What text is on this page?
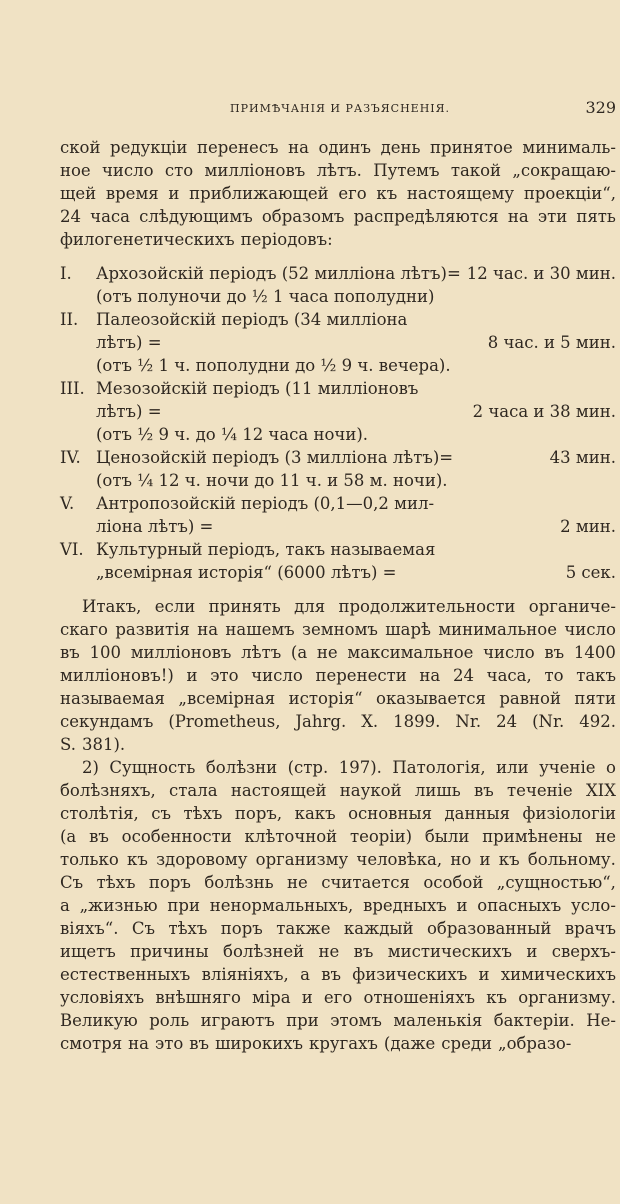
ПРИМѢЧАНІЯ И РАЗЪЯСНЕНІЯ.	329
ской редукціи перенесъ на одинъ день принятое минималь-
ное число сто милліоновъ лѣтъ. Путемъ такой „сокращаю-
щей время и приближающей его къ настоящему проекціи“,
24 часа слѣдующимъ образомъ распредѣляются на эти пять
филогенетическихъ періодовъ:
I.	Архозойскій періодъ (52 милліона лѣтъ)= 12 час. и 30 мин.
(отъ полуночи до ½ 1 часа пополудни)
II.	Палеозойскій періодъ (34 милліона
лѣтъ) =	8 час. и 5 мин.
(отъ ½ 1 ч. пополудни до ½ 9 ч. вечера).
III. Мезозойскій періодъ (11 милліоновъ
лѣтъ) =	2 часа и 38 мин.
(отъ ½ 9 ч. до ¼ 12 часа ночи).
IV. Ценозойскій періодъ (3 милліона лѣтъ)=	43 мин.
(отъ ¼ 12 ч. ночи до 11 ч. и 58 м. ночи).
V.	Антропозойскій періодъ (0,1—0,2 мил-
ліона лѣтъ) =	2 мин.
VI. Культурный періодъ, такъ называемая
„всемірная исторія“ (6000 лѣтъ) =	5 сек.
Итакъ, если принять для продолжительности органиче-
скаго развитія на нашемъ земномъ шарѣ минимальное число
въ 100 милліоновъ лѣтъ (а не максимальное число въ 1400
милліоновъ!) и это число перенести на 24 часа, то такъ
называемая „всемірная исторія“ оказывается равной пяти
секундамъ (Prometheus, Jahrg. X. 1899. Nr. 24 (Nr. 492.
S. 381).
2) Сущность болѣзни (стр. 197). Патологія, или ученіе о
болѣзняхъ, стала настоящей наукой лишь въ теченіе XIX
столѣтія, съ тѣхъ поръ, какъ основныя данныя физіологіи
(а въ особенности клѣточной теоріи) были примѣнены не
только къ здоровому организму человѣка, но и къ больному.
Съ тѣхъ поръ болѣзнь не считается особой „сущностью“,
а „жизнью при ненормальныхъ, вредныхъ и опасныхъ усло-
віяхъ“. Съ тѣхъ поръ также каждый образованный врачъ
ищетъ причины болѣзней не въ мистическихъ и сверхъ-
естественныхъ вліяніяхъ, а въ физическихъ и химическихъ
условіяхъ внѣшняго міра и его отношеніяхъ къ организму.
Великую роль играютъ при этомъ маленькія бактеріи. Не-
смотря на это въ широкихъ кругахъ (даже среди „образо-
